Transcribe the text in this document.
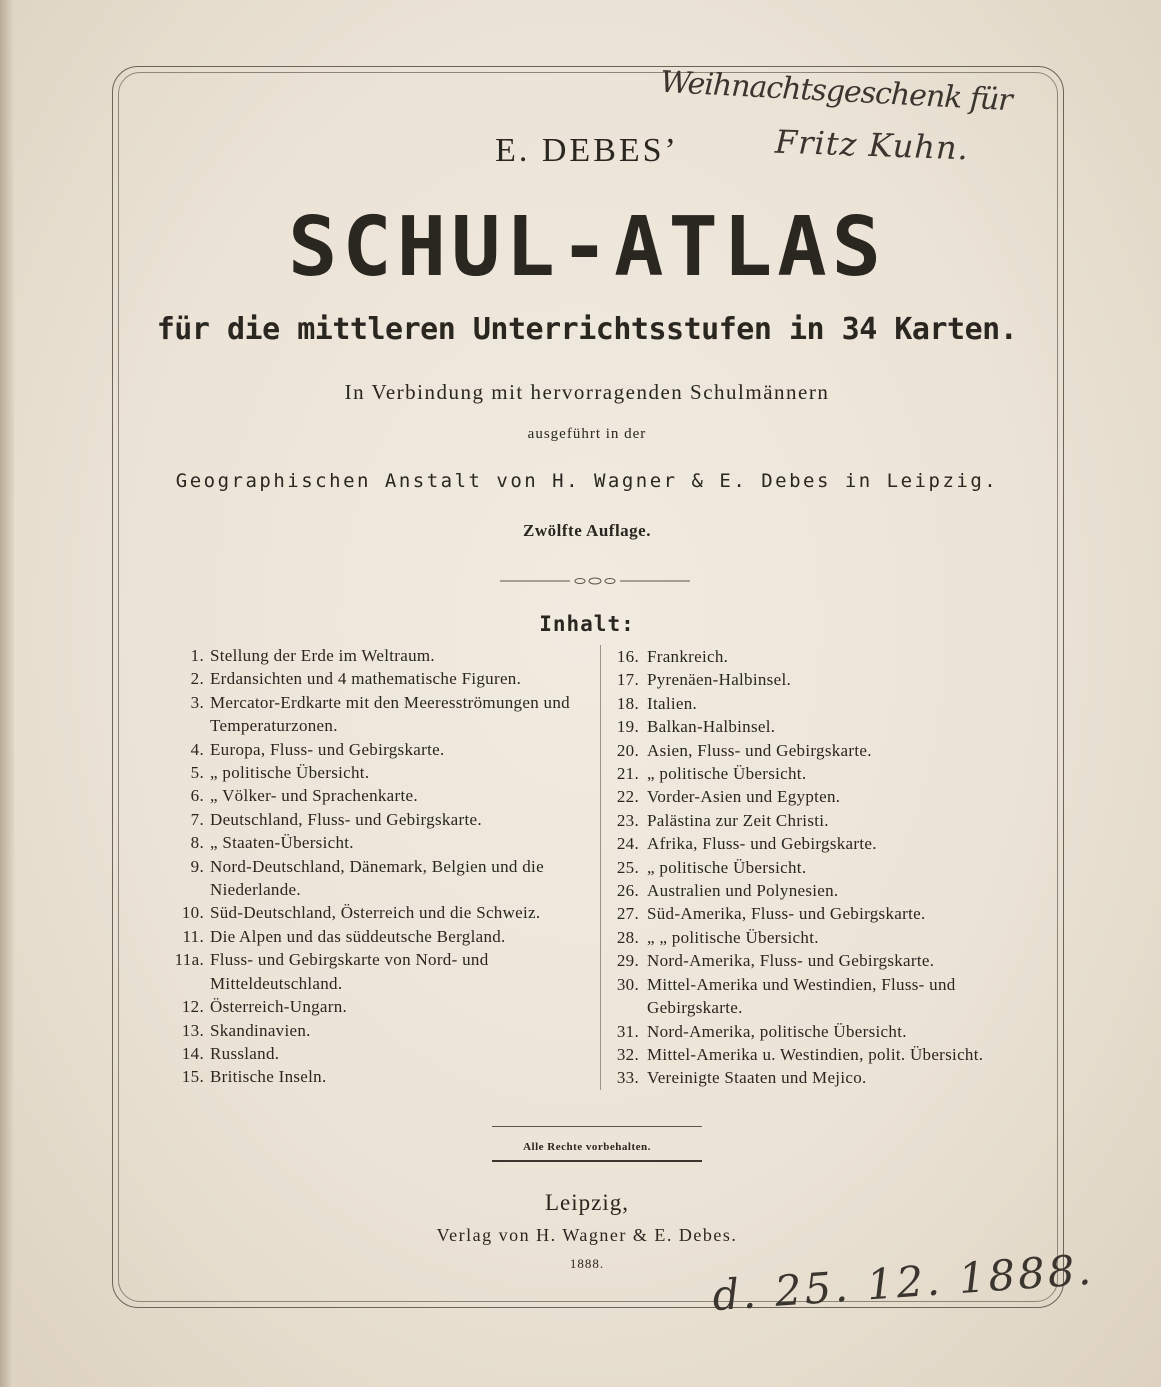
Weihnachtsgeschenk für
Fritz Kuhn.
E. DEBES’
SCHUL-ATLAS
für die mittleren Unterrichtsstufen in 34 Karten.
In Verbindung mit hervorragenden Schulmännern
ausgeführt in der
Geographischen Anstalt von H. Wagner & E. Debes in Leipzig.
Zwölfte Auflage.
Inhalt:
1. Stellung der Erde im Weltraum.
2. Erdansichten und 4 mathematische Figuren.
3. Mercator-Erdkarte mit den Meeresströmungen und Temperaturzonen.
4. Europa, Fluss- und Gebirgskarte.
5. „ politische Übersicht.
6. „ Völker- und Sprachenkarte.
7. Deutschland, Fluss- und Gebirgskarte.
8. „ Staaten-Übersicht.
9. Nord-Deutschland, Dänemark, Belgien und die Niederlande.
10. Süd-Deutschland, Österreich und die Schweiz.
11. Die Alpen und das süddeutsche Bergland.
11a. Fluss- und Gebirgskarte von Nord- und Mitteldeutschland.
12. Österreich-Ungarn.
13. Skandinavien.
14. Russland.
15. Britische Inseln.
16. Frankreich.
17. Pyrenäen-Halbinsel.
18. Italien.
19. Balkan-Halbinsel.
20. Asien, Fluss- und Gebirgskarte.
21. „ politische Übersicht.
22. Vorder-Asien und Egypten.
23. Palästina zur Zeit Christi.
24. Afrika, Fluss- und Gebirgskarte.
25. „ politische Übersicht.
26. Australien und Polynesien.
27. Süd-Amerika, Fluss- und Gebirgskarte.
28. „ „ politische Übersicht.
29. Nord-Amerika, Fluss- und Gebirgskarte.
30. Mittel-Amerika und Westindien, Fluss- und Gebirgskarte.
31. Nord-Amerika, politische Übersicht.
32. Mittel-Amerika u. Westindien, polit. Übersicht.
33. Vereinigte Staaten und Mejico.
Alle Rechte vorbehalten.
Leipzig,
Verlag von H. Wagner & E. Debes.
1888.	d. 25. 12. 1888.
